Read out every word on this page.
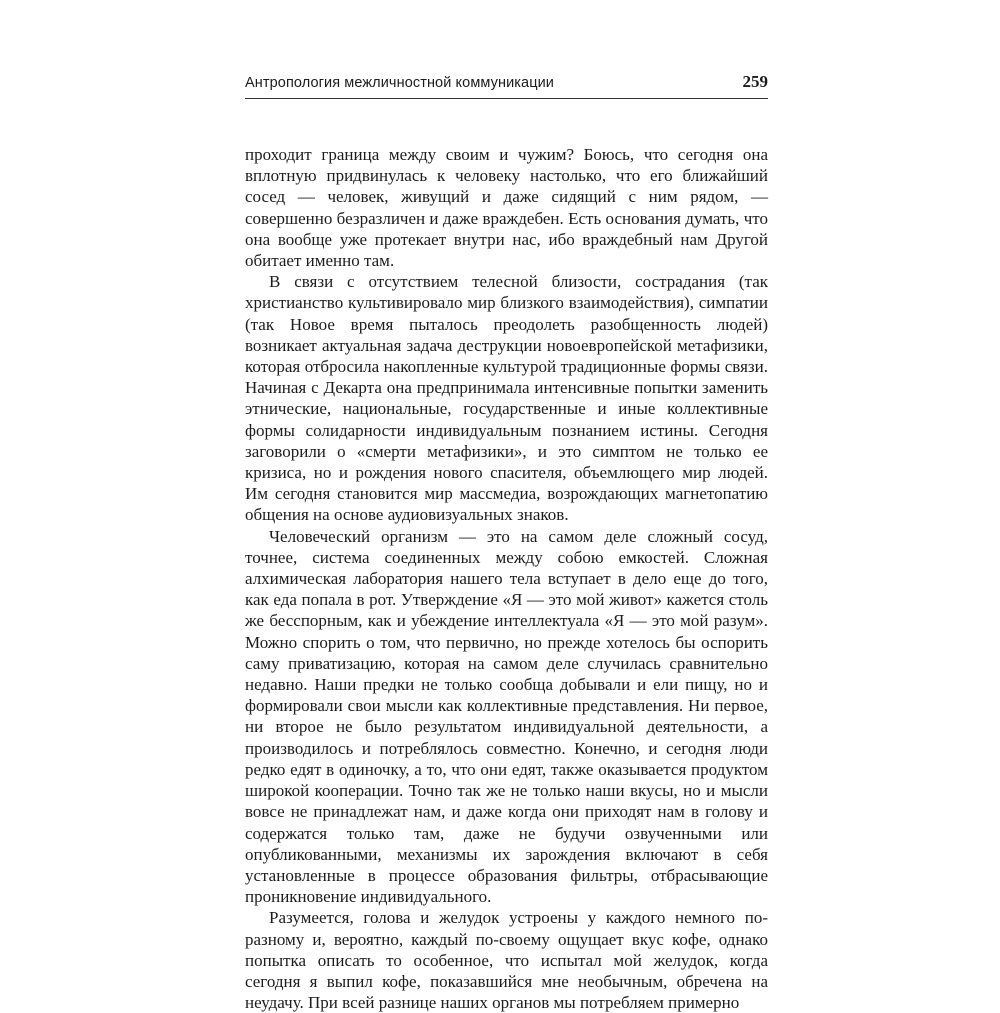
Антропология межличностной коммуникации	259

проходит граница между своим и чужим? Боюсь, что сегодня она вплотную придвинулась к человеку настолько, что его ближайший сосед — человек, живущий и даже сидящий с ним рядом, — совершенно безразличен и даже враждебен. Есть основания думать, что она вообще уже протекает внутри нас, ибо враждебный нам Другой обитает именно там.

В связи с отсутствием телесной близости, сострадания (так христианство культивировало мир близкого взаимодействия), симпатии (так Новое время пыталось преодолеть разобщенность людей) возникает актуальная задача деструкции новоевропейской метафизики, которая отбросила накопленные культурой традиционные формы связи. Начиная с Декарта она предпринимала интенсивные попытки заменить этнические, национальные, государственные и иные коллективные формы солидарности индивидуальным познанием истины. Сегодня заговорили о «смерти метафизики», и это симптом не только ее кризиса, но и рождения нового спасителя, объемлющего мир людей. Им сегодня становится мир массмедиа, возрождающих магнетопатию общения на основе аудиовизуальных знаков.

Человеческий организм — это на самом деле сложный сосуд, точнее, система соединенных между собою емкостей. Сложная алхимическая лаборатория нашего тела вступает в дело еще до того, как еда попала в рот. Утверждение «Я — это мой живот» кажется столь же бесспорным, как и убеждение интеллектуала «Я — это мой разум». Можно спорить о том, что первично, но прежде хотелось бы оспорить саму приватизацию, которая на самом деле случилась сравнительно недавно. Наши предки не только сообща добывали и ели пищу, но и формировали свои мысли как коллективные представления. Ни первое, ни второе не было результатом индивидуальной деятельности, а производилось и потреблялось совместно. Конечно, и сегодня люди редко едят в одиночку, а то, что они едят, также оказывается продуктом широкой кооперации. Точно так же не только наши вкусы, но и мысли вовсе не принадлежат нам, и даже когда они приходят нам в голову и содержатся только там, даже не будучи озвученными или опубликованными, механизмы их зарождения включают в себя установленные в процессе образования фильтры, отбрасывающие проникновение индивидуального.

Разумеется, голова и желудок устроены у каждого немного по-разному и, вероятно, каждый по-своему ощущает вкус кофе, однако попытка описать то особенное, что испытал мой желудок, когда сегодня я выпил кофе, показавшийся мне необычным, обречена на неудачу. При всей разнице наших органов мы потребляем примерно
